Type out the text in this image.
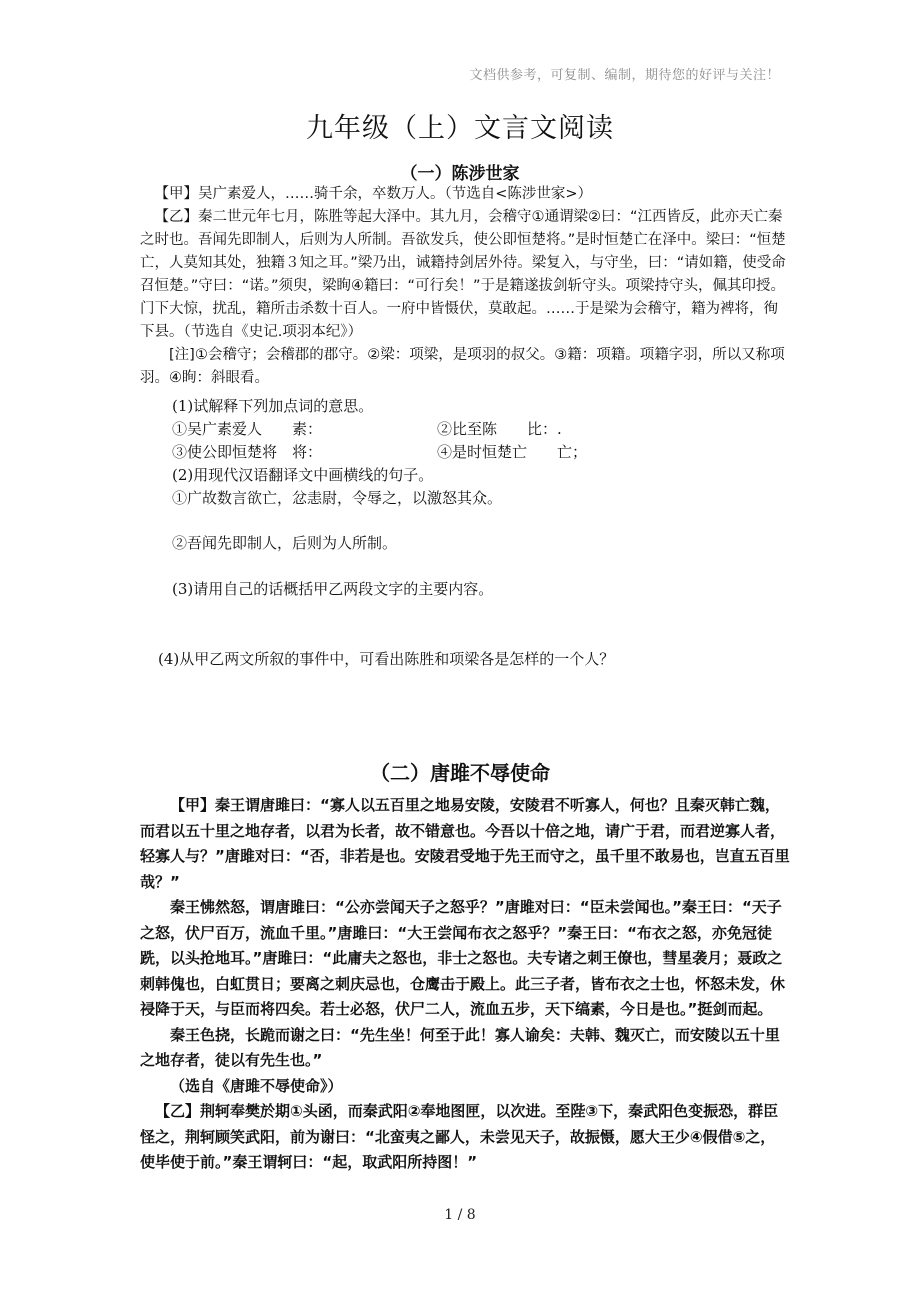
文档供参考，可复制、编制，期待您的好评与关注！
九年级（上）文言文阅读
（一）陈涉世家

【甲】吴广素爱人，……骑千余，卒数万人。（节选自<陈涉世家>）

【乙】秦二世元年七月，陈胜等起大泽中。其九月，会稽守①通谓梁②曰：“江西皆反，此亦天亡秦之时也。吾闻先即制人，后则为人所制。吾欲发兵，使公即恒楚将。”是时恒楚亡在泽中。梁曰：“恒楚亡，人莫知其处，独籍３知之耳。”梁乃出，诫籍持剑居外待。梁复入，与守坐，曰：“请如籍，使受命召恒楚。”守曰：“诺。”须臾，梁眴④籍曰：“可行矣！”于是籍遂拔剑斩守头。项梁持守头，佩其印授。门下大惊，扰乱，籍所击杀数十百人。一府中皆慑伏，莫敢起。……于是梁为会稽守，籍为裨将，徇下县。（节选自《史记.项羽本纪》）

[注]①会稽守；会稽郡的郡守。②梁：项梁，是项羽的叔父。③籍：项籍。项籍字羽，所以又称项羽。④眴：斜眼看。

(1)试解释下列加点词的意思。

①吴广素爱人　　素：	②比至陈　　比：.
③使公即恒楚将　将：	④是时恒楚亡　　亡；

(2)用现代汉语翻译文中画横线的句子。

①广故数言欲亡，忿恚尉，令辱之，以激怒其众。

②吾闻先即制人，后则为人所制。

(3)请用自己的话概括甲乙两段文字的主要内容。

(4)从甲乙两文所叙的事件中，可看出陈胜和项梁各是怎样的一个人？

（二）唐雎不辱使命

【甲】秦王谓唐雎曰：“寡人以五百里之地易安陵，安陵君不听寡人，何也？且秦灭韩亡魏，而君以五十里之地存者，以君为长者，故不错意也。今吾以十倍之地，请广于君，而君逆寡人者，轻寡人与？”唐雎对曰：“否，非若是也。安陵君受地于先王而守之，虽千里不敢易也，岂直五百里哉？”

秦王怫然怒，谓唐雎曰：“公亦尝闻天子之怒乎？”唐雎对曰：“臣未尝闻也。”秦王曰：“天子之怒，伏尸百万，流血千里。”唐雎曰：“大王尝闻布衣之怒乎？”秦王曰：“布衣之怒，亦免冠徒跣，以头抢地耳。”唐雎曰：“此庸夫之怒也，非士之怒也。夫专诸之刺王僚也，彗星袭月；聂政之刺韩傀也，白虹贯日；要离之刺庆忌也，仓鹰击于殿上。此三子者，皆布衣之士也，怀怒未发，休祲降于天，与臣而将四矣。若士必怒，伏尸二人，流血五步，天下缟素，今日是也。”挺剑而起。

秦王色挠，长跪而谢之曰：“先生坐！何至于此！寡人谕矣：夫韩、魏灭亡，而安陵以五十里之地存者，徒以有先生也。”

（选自《唐雎不辱使命》）

【乙】荆轲奉樊於期①头函，而秦武阳②奉地图匣，以次进。至陛③下，秦武阳色变振恐，群臣怪之，荆轲顾笑武阳，前为谢曰：“北蛮夷之鄙人，未尝见天子，故振慑，愿大王少④假借⑤之，使毕使于前。”秦王谓轲曰：“起，取武阳所持图！”

1 / 8
